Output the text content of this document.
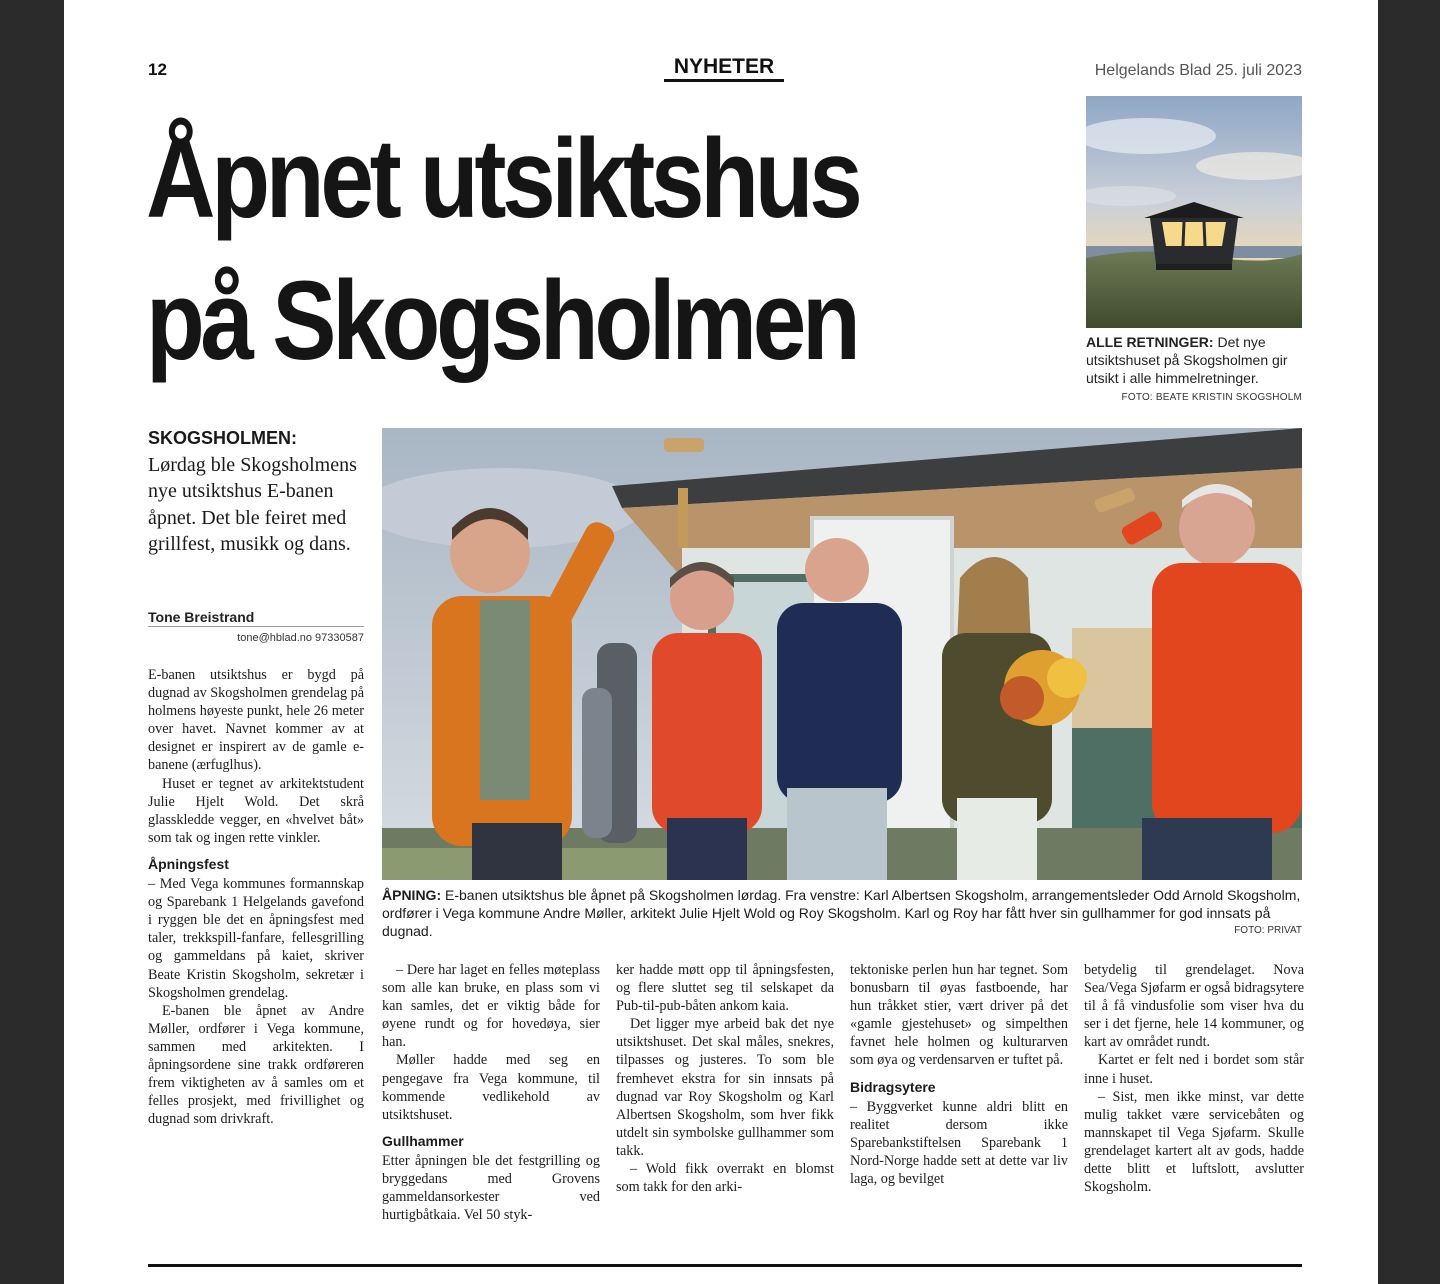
12	NYHETER	Helgelands Blad 25. juli 2023
Åpnet utsiktshus
på Skogsholmen	ALLE RETNINGER: Det nye utsiktshuset på Skogsholmen gir utsikt i alle himmelretninger.
FOTO: BEATE KRISTIN SKOGSHOLM
SKOGSHOLMEN: Lørdag ble Skogsholmens nye utsiktshus E-banen åpnet. Det ble feiret med grillfest, musikk og dans.
Tone Breistrand
tone@hblad.no 97330587

E-banen utsiktshus er bygd på dugnad av Skogsholmen grendelag på holmens høyeste punkt, hele 26 meter over havet. Navnet kommer av at designet er inspirert av de gamle e-banene (ærfuglhus).

Huset er tegnet av arkitektstudent Julie Hjelt Wold. Det skrå glasskledde vegger, en «hvelvet båt» som tak og ingen rette vinkler.

Åpningsfest

– Med Vega kommunes formannskap og Sparebank 1 Helgelands gavefond i ryggen ble det en åpningsfest med taler, trekkspill-fanfare, fellesgrilling og gammeldans på kaiet, skriver Beate Kristin Skogsholm, sekretær i Skogsholmen grendelag.

E-banen ble åpnet av Andre Møller, ordfører i Vega kommune, sammen med arkitekten. I åpningsordene sine trakk ordføreren frem viktigheten av å samles om et felles prosjekt, med frivillighet og dugnad som drivkraft.

ÅPNING: E-banen utsiktshus ble åpnet på Skogsholmen lørdag. Fra venstre: Karl Albertsen Skogsholm, arrangementsleder Odd Arnold Skogsholm, ordfører i Vega kommune Andre Møller, arkitekt Julie Hjelt Wold og Roy Skogsholm. Karl og Roy har fått hver sin gullhammer for god innsats på dugnad.	FOTO: PRIVAT

– Dere har laget en felles møteplass som alle kan bruke, en plass som vi kan samles, det er viktig både for øyene rundt og for hovedøya, sier han.

Møller hadde med seg en pengegave fra Vega kommune, til kommende vedlikehold av utsiktshuset.

Gullhammer

Etter åpningen ble det festgrilling og bryggedans med Grovens gammeldansorkester ved hurtigbåtkaia. Vel 50 styk-

ker hadde møtt opp til åpningsfesten, og flere sluttet seg til selskapet da Pub-til-pub-båten ankom kaia.

Det ligger mye arbeid bak det nye utsiktshuset. Det skal måles, snekres, tilpasses og justeres. To som ble fremhevet ekstra for sin innsats på dugnad var Roy Skogsholm og Karl Albertsen Skogsholm, som hver fikk utdelt sin symbolske gullhammer som takk.

– Wold fikk overrakt en blomst som takk for den arki-

tektoniske perlen hun har tegnet. Som bonusbarn til øyas fastboende, har hun tråkket stier, vært driver på det «gamle gjestehuset» og simpelthen favnet hele holmen og kulturarven som øya og verdensarven er tuftet på.

Bidragsytere

– Byggverket kunne aldri blitt en realitet dersom ikke Sparebankstiftelsen Sparebank 1 Nord-Norge hadde sett at dette var liv laga, og bevilget

betydelig til grendelaget. Nova Sea/Vega Sjøfarm er også bidragsytere til å få vindusfolie som viser hva du ser i det fjerne, hele 14 kommuner, og kart av området rundt.

Kartet er felt ned i bordet som står inne i huset.

– Sist, men ikke minst, var dette mulig takket være servicebåten og mannskapet til Vega Sjøfarm. Skulle grendelaget kartert alt av gods, hadde dette blitt et luftslott, avslutter Skogsholm.
